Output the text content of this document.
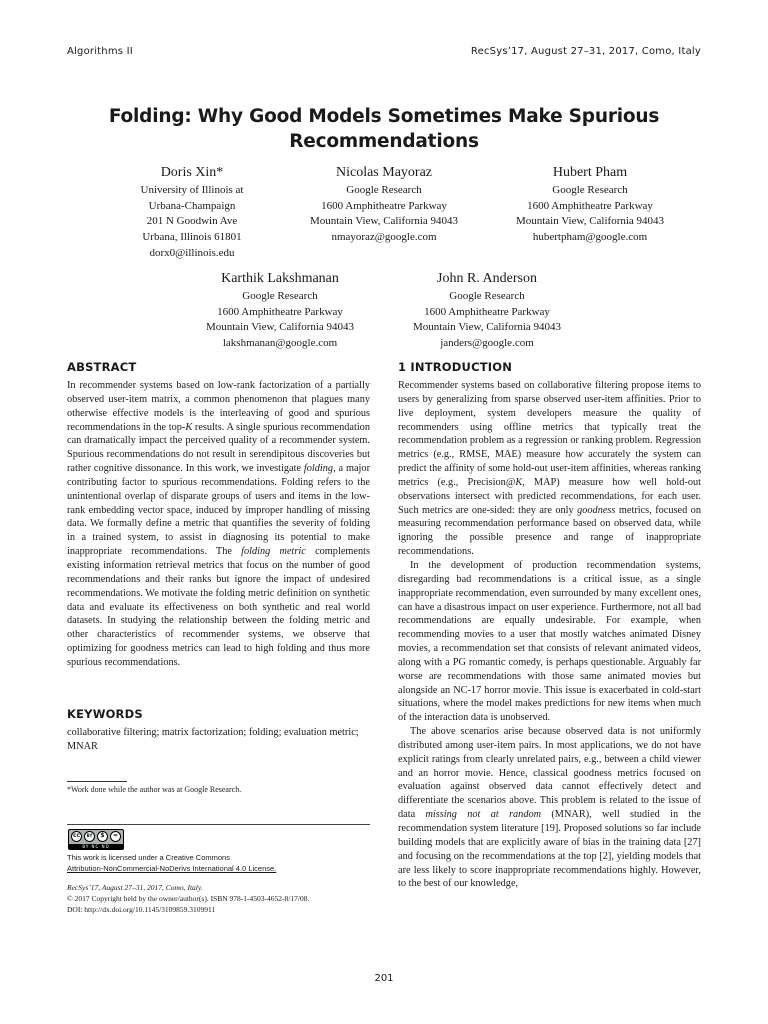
Algorithms II	RecSys’17, August 27–31, 2017, Como, Italy
Folding: Why Good Models Sometimes Make Spurious
Recommendations
Doris Xin*
University of Illinois at
Urbana-Champaign
201 N Goodwin Ave
Urbana, Illinois 61801
dorx0@illinois.edu
Nicolas Mayoraz
Google Research
1600 Amphitheatre Parkway
Mountain View, California 94043
nmayoraz@google.com
Hubert Pham
Google Research
1600 Amphitheatre Parkway
Mountain View, California 94043
hubertpham@google.com
Karthik Lakshmanan
Google Research
1600 Amphitheatre Parkway
Mountain View, California 94043
lakshmanan@google.com
John R. Anderson
Google Research
1600 Amphitheatre Parkway
Mountain View, California 94043
janders@google.com
ABSTRACT

In recommender systems based on low-rank factorization of a partially observed user-item matrix, a common phenomenon that plagues many otherwise effective models is the interleaving of good and spurious recommendations in the top-K results. A single spurious recommendation can dramatically impact the perceived quality of a recommender system. Spurious recommendations do not result in serendipitous discoveries but rather cognitive dissonance. In this work, we investigate folding, a major contributing factor to spurious recommendations. Folding refers to the unintentional overlap of disparate groups of users and items in the low-rank embedding vector space, induced by improper handling of missing data. We formally define a metric that quantifies the severity of folding in a trained system, to assist in diagnosing its potential to make inappropriate recommendations. The folding metric complements existing information retrieval metrics that focus on the number of good recommendations and their ranks but ignore the impact of undesired recommendations. We motivate the folding metric definition on synthetic data and evaluate its effectiveness on both synthetic and real world datasets. In studying the relationship between the folding metric and other characteristics of recommender systems, we observe that optimizing for goodness metrics can lead to high folding and thus more spurious recommendations.

KEYWORDS

collaborative filtering; matrix factorization; folding; evaluation metric; MNAR

*Work done while the author was at Google Research.
cc	BY	$	=
BY NC ND
This work is licensed under a Creative Commons
Attribution-NonCommercial-NoDerivs International 4.0 License.
RecSys’17, August 27–31, 2017, Como, Italy.
© 2017 Copyright held by the owner/author(s). ISBN 978-1-4503-4652-8/17/08.
DOI: http://dx.doi.org/10.1145/3109859.3109911
1 INTRODUCTION

Recommender systems based on collaborative filtering propose items to users by generalizing from sparse observed user-item affinities. Prior to live deployment, system developers measure the quality of recommenders using offline metrics that typically treat the recommendation problem as a regression or ranking problem. Regression metrics (e.g., RMSE, MAE) measure how accurately the system can predict the affinity of some hold-out user-item affinities, whereas ranking metrics (e.g., Precision@K, MAP) measure how well hold-out observations intersect with predicted recommendations, for each user. Such metrics are one-sided: they are only goodness metrics, focused on measuring recommendation performance based on observed data, while ignoring the possible presence and range of inappropriate recommendations.

In the development of production recommendation systems, disregarding bad recommendations is a critical issue, as a single inappropriate recommendation, even surrounded by many excellent ones, can have a disastrous impact on user experience. Furthermore, not all bad recommendations are equally undesirable. For example, when recommending movies to a user that mostly watches animated Disney movies, a recommendation set that consists of relevant animated videos, along with a PG romantic comedy, is perhaps questionable. Arguably far worse are recommendations with those same animated movies but alongside an NC-17 horror movie. This issue is exacerbated in cold-start situations, where the model makes predictions for new items when much of the interaction data is unobserved.

The above scenarios arise because observed data is not uniformly distributed among user-item pairs. In most applications, we do not have explicit ratings from clearly unrelated pairs, e.g., between a child viewer and an horror movie. Hence, classical goodness metrics focused on evaluation against observed data cannot effectively detect and differentiate the scenarios above. This problem is related to the issue of data missing not at random (MNAR), well studied in the recommendation system literature [19]. Proposed solutions so far include building models that are explicitly aware of bias in the training data [27] and focusing on the recommendations at the top [2], yielding models that are less likely to score inappropriate recommendations highly. However, to the best of our knowledge,

201
